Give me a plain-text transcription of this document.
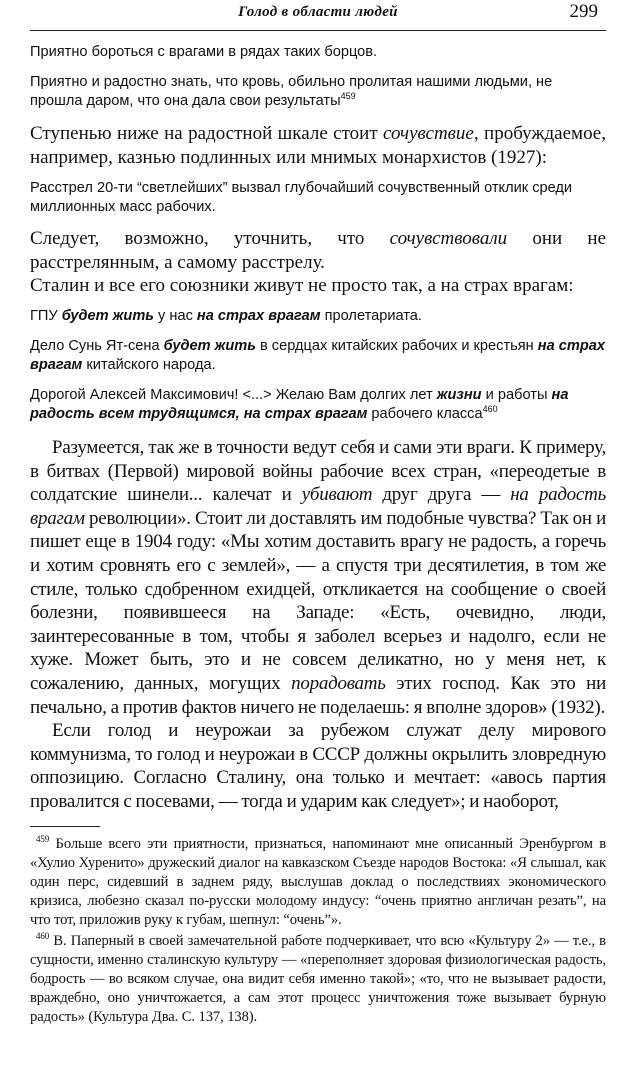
Голод в области людей	299

Приятно бороться с врагами в рядах таких борцов.

Приятно и радостно знать, что кровь, обильно пролитая нашими людьми, не прошла даром, что она дала свои результаты$^{459}$

Ступенью ниже на радостной шкале стоит сочувствие, пробуждаемое, например, казнью подлинных или мнимых монархистов (1927):

Расстрел 20-ти “светлейших” вызвал глубочайший сочувственный отклик среди миллионных масс рабочих.

Следует, возможно, уточнить, что сочувствовали они не расстрелянным, а самому расстрелу.

Сталин и все его союзники живут не просто так, а на страх врагам:

ГПУ будет жить у нас на страх врагам пролетариата.

Дело Сунь Ят-сена будет жить в сердцах китайских рабочих и крестьян на страх врагам китайского народа.

Дорогой Алексей Максимович! <...> Желаю Вам долгих лет жизни и работы на радость всем трудящимся, на страх врагам рабочего класса$^{460}$

Разумеется, так же в точности ведут себя и сами эти враги. К примеру, в битвах (Первой) мировой войны рабочие всех стран, «переодетые в солдатские шинели... калечат и убивают друг друга — на радость врагам революции». Стоит ли доставлять им подобные чувства? Так он и пишет еще в 1904 году: «Мы хотим доставить врагу не радость, а горечь и хотим сровнять его с землей», — а спустя три десятилетия, в том же стиле, только сдобренном ехидцей, откликается на сообщение о своей болезни, появившееся на Западе: «Есть, очевидно, люди, заинтересованные в том, чтобы я заболел всерьез и надолго, если не хуже. Может быть, это и не совсем деликатно, но у меня нет, к сожалению, данных, могущих порадовать этих господ. Как это ни печально, а против фактов ничего не поделаешь: я вполне здоров» (1932).

Если голод и неурожаи за рубежом служат делу мирового коммунизма, то голод и неурожаи в СССР должны окрылить зловредную оппозицию. Согласно Сталину, она только и мечтает: «авось партия провалится с посевами, — тогда и ударим как следует»; и наоборот,

$^{459}$ Больше всего эти приятности, признаться, напоминают мне описанный Эренбургом в «Хулио Хуренито» дружеский диалог на кавказском Съезде народов Востока: «Я слышал, как один перс, сидевший в заднем ряду, выслушав доклад о последствиях экономического кризиса, любезно сказал по-русски молодому индусу: “очень приятно англичан резать”, на что тот, приложив руку к губам, шепнул: “очень”».

$^{460}$ В. Паперный в своей замечательной работе подчеркивает, что всю «Культуру 2» — т.е., в сущности, именно сталинскую культуру — «переполняет здоровая физиологическая радость, бодрость — во всяком случае, она видит себя именно такой»; «то, что не вызывает радости, враждебно, оно уничтожается, а сам этот процесс уничтожения тоже вызывает бурную радость» (Культура Два. С. 137, 138).
